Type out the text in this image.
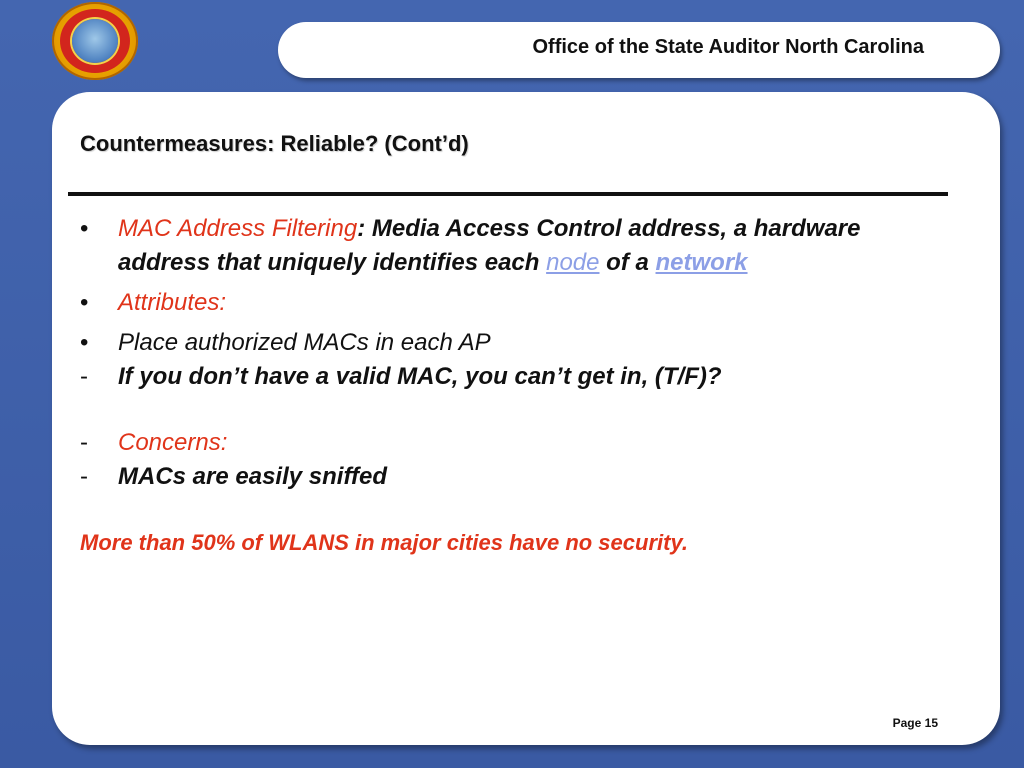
Office of the State Auditor North Carolina
Countermeasures: Reliable? (Cont’d)
• MAC Address Filtering: Media Access Control address, a hardware address that uniquely identifies each node of a network
• Attributes:
• Place authorized MACs in each AP
- If you don’t have a valid MAC, you can’t get in, (T/F)?
- Concerns:
- MACs are easily sniffed
More than 50% of WLANS in major cities have no security.
Page 15
